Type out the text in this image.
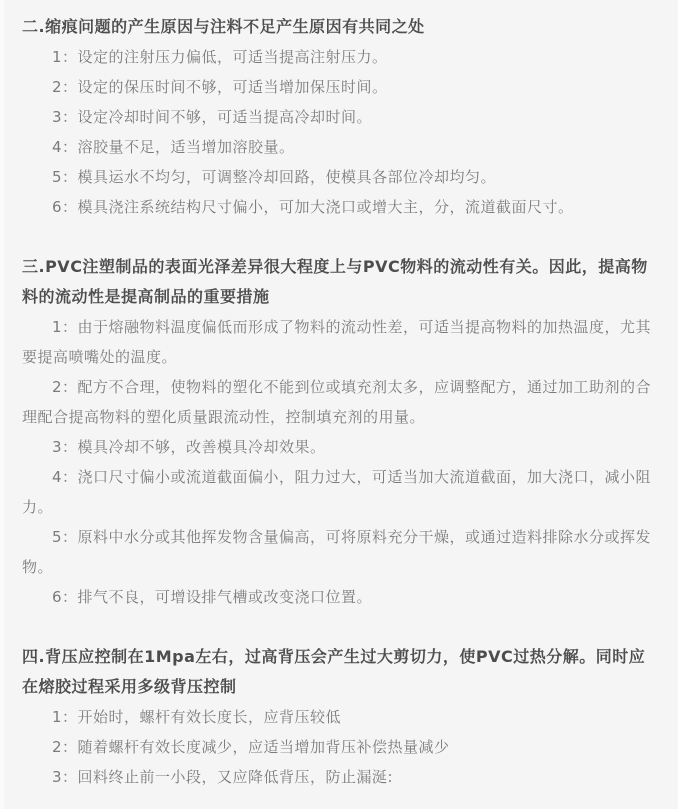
二.缩痕问题的产生原因与注料不足产生原因有共同之处

1：设定的注射压力偏低，可适当提高注射压力。

2：设定的保压时间不够，可适当增加保压时间。

3：设定冷却时间不够，可适当提高冷却时间。

4：溶胶量不足，适当增加溶胶量。

5：模具运水不均匀，可调整冷却回路，使模具各部位冷却均匀。

6：模具浇注系统结构尺寸偏小，可加大浇口或增大主，分，流道截面尺寸。

三.PVC注塑制品的表面光泽差异很大程度上与PVC物料的流动性有关。因此，提高物料的流动性是提高制品的重要措施

1：由于熔融物料温度偏低而形成了物料的流动性差，可适当提高物料的加热温度，尤其要提高喷嘴处的温度。

2：配方不合理，使物料的塑化不能到位或填充剂太多，应调整配方，通过加工助剂的合理配合提高物料的塑化质量跟流动性，控制填充剂的用量。

3：模具冷却不够，改善模具冷却效果。

4：浇口尺寸偏小或流道截面偏小，阻力过大，可适当加大流道截面，加大浇口，减小阻力。

5：原料中水分或其他挥发物含量偏高，可将原料充分干燥，或通过造料排除水分或挥发物。

6：排气不良，可增设排气槽或改变浇口位置。

四.背压应控制在1Mpa左右，过高背压会产生过大剪切力，使PVC过热分解。同时应在熔胶过程采用多级背压控制

1：开始时，螺杆有效长度长，应背压较低

2：随着螺杆有效长度减少，应适当增加背压补偿热量减少

3：回料终止前一小段，又应降低背压，防止漏涎:
